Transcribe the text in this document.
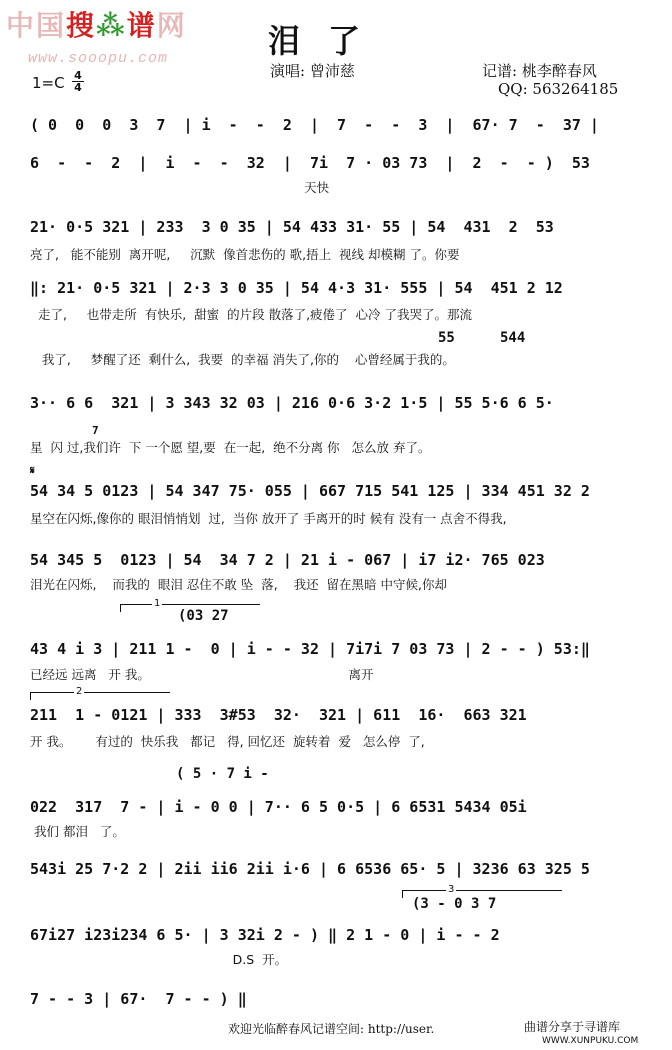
中国搜⁂谱网
www.sooopu.com	泪了
演唱: 曾沛慈	记谱: 桃李醉春风
QQ: 563264185
1=C 4
4
( 0  0  0  3  7  | i  -  -  2  |  7  -  -  3  |  67· 7  -  37 |
6  -  -  2  |  i  -  -  32  |  7i  7 · 03 73  |  2  -  - )  53
天快
21· 0·5 321 | 233  3 0 35 | 54 433 31· 55 | 54  431  2  53
亮了,   能不能别  离开呢,     沉默  像首悲伤的 歌,捂上  视线 却模糊 了。你要
‖: 21· 0·5 321 | 2·3 3 0 35 | 54 4·3 31· 555 | 54  451 2 12
走了,     也带走所  有快乐,  甜蜜  的片段 散落了,疲倦了  心冷 了我哭了。那流
55	544
我了,     梦醒了还  剩什么,  我要  的幸福 消失了,你的    心曾经属于我的。
3·· 6 6  321 | 3 343 32 03 | 216 0·6 3·2 1·5 | 55 5·6 6 5·
7
星  闪 过,我们许  下 一个愿 望,要  在一起,  绝不分离 你   怎么放 弃了。
𝄋
54 34 5 0123 | 54 347 75· 055 | 667 715 541 125 | 334 451 32 2
星空在闪烁,像你的 眼泪悄悄划  过,  当你 放开了 手离开的时 候有 没有一 点舍不得我,
54 345 5  0123 | 54  34 7 2 | 21 i - 067 | i7 i2· 765 023
泪光在闪烁,    而我的  眼泪 忍住不敢 坠  落,    我还  留在黑暗 中守候,你却
1
(03 27
43 4 i 3 | 211 1 -  0 | i - - 32 | 7i7i 7 03 73 | 2 - - ) 53:‖
已经远 远离   开 我。                                                  离开
2
211  1 - 0121 | 333  3#53  32·  321 | 611  16·  663 321
开 我。      有过的  快乐我   都记   得, 回忆还  旋转着  爱   怎么停  了,
( 5 · 7 i -
022  317  7 - | i - 0 0 | 7·· 6 5 0·5 | 6 6531 5434 05i
我们 都泪   了。
543i 25 7·2 2 | 2ii ii6 2ii i·6 | 6 6536 65· 5 | 3236 63 325 5
3
(3 - 0 3 7
67i27 i23i234 6 5· | 3 32i 2 - ) ‖ 2 1 - 0 | i - - 2
D.S  开。
7 - - 3 | 67·  7 - - ) ‖
欢迎光临醉春风记谱空间: http://user.	曲谱分享于寻谱库
WWW.XUNPUKU.COM
